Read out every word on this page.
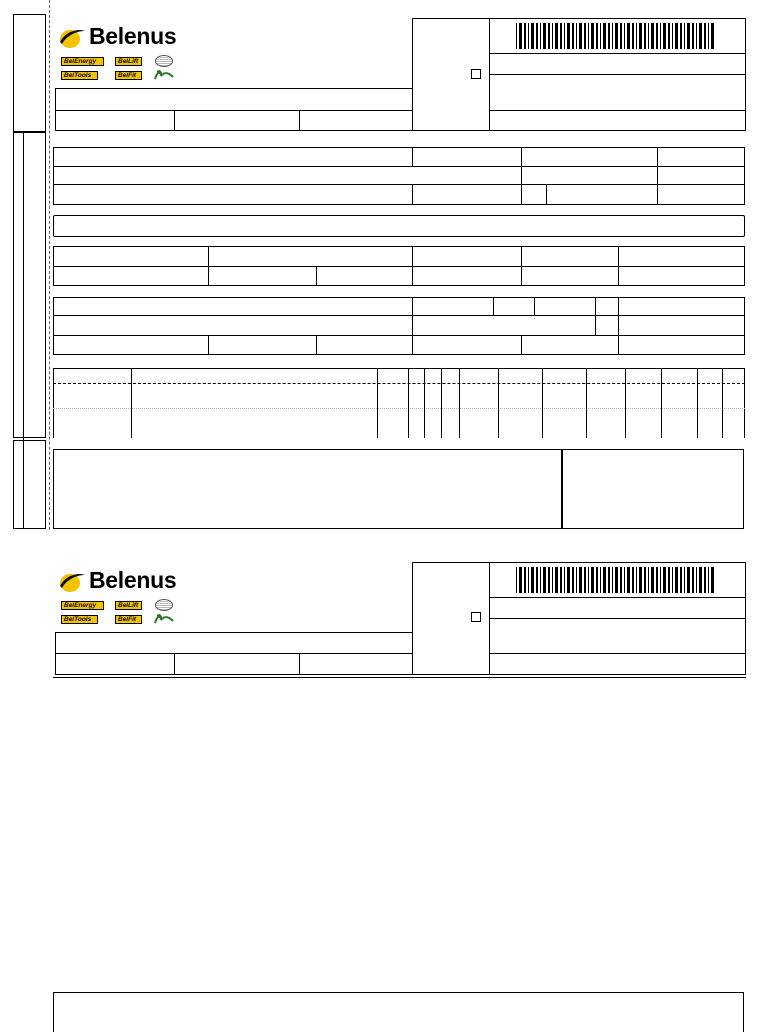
Belenus
BelEnergy	BelLift
BelTools	BelFit
Belenus
BelEnergy	BelLift
BelTools	BelFit
